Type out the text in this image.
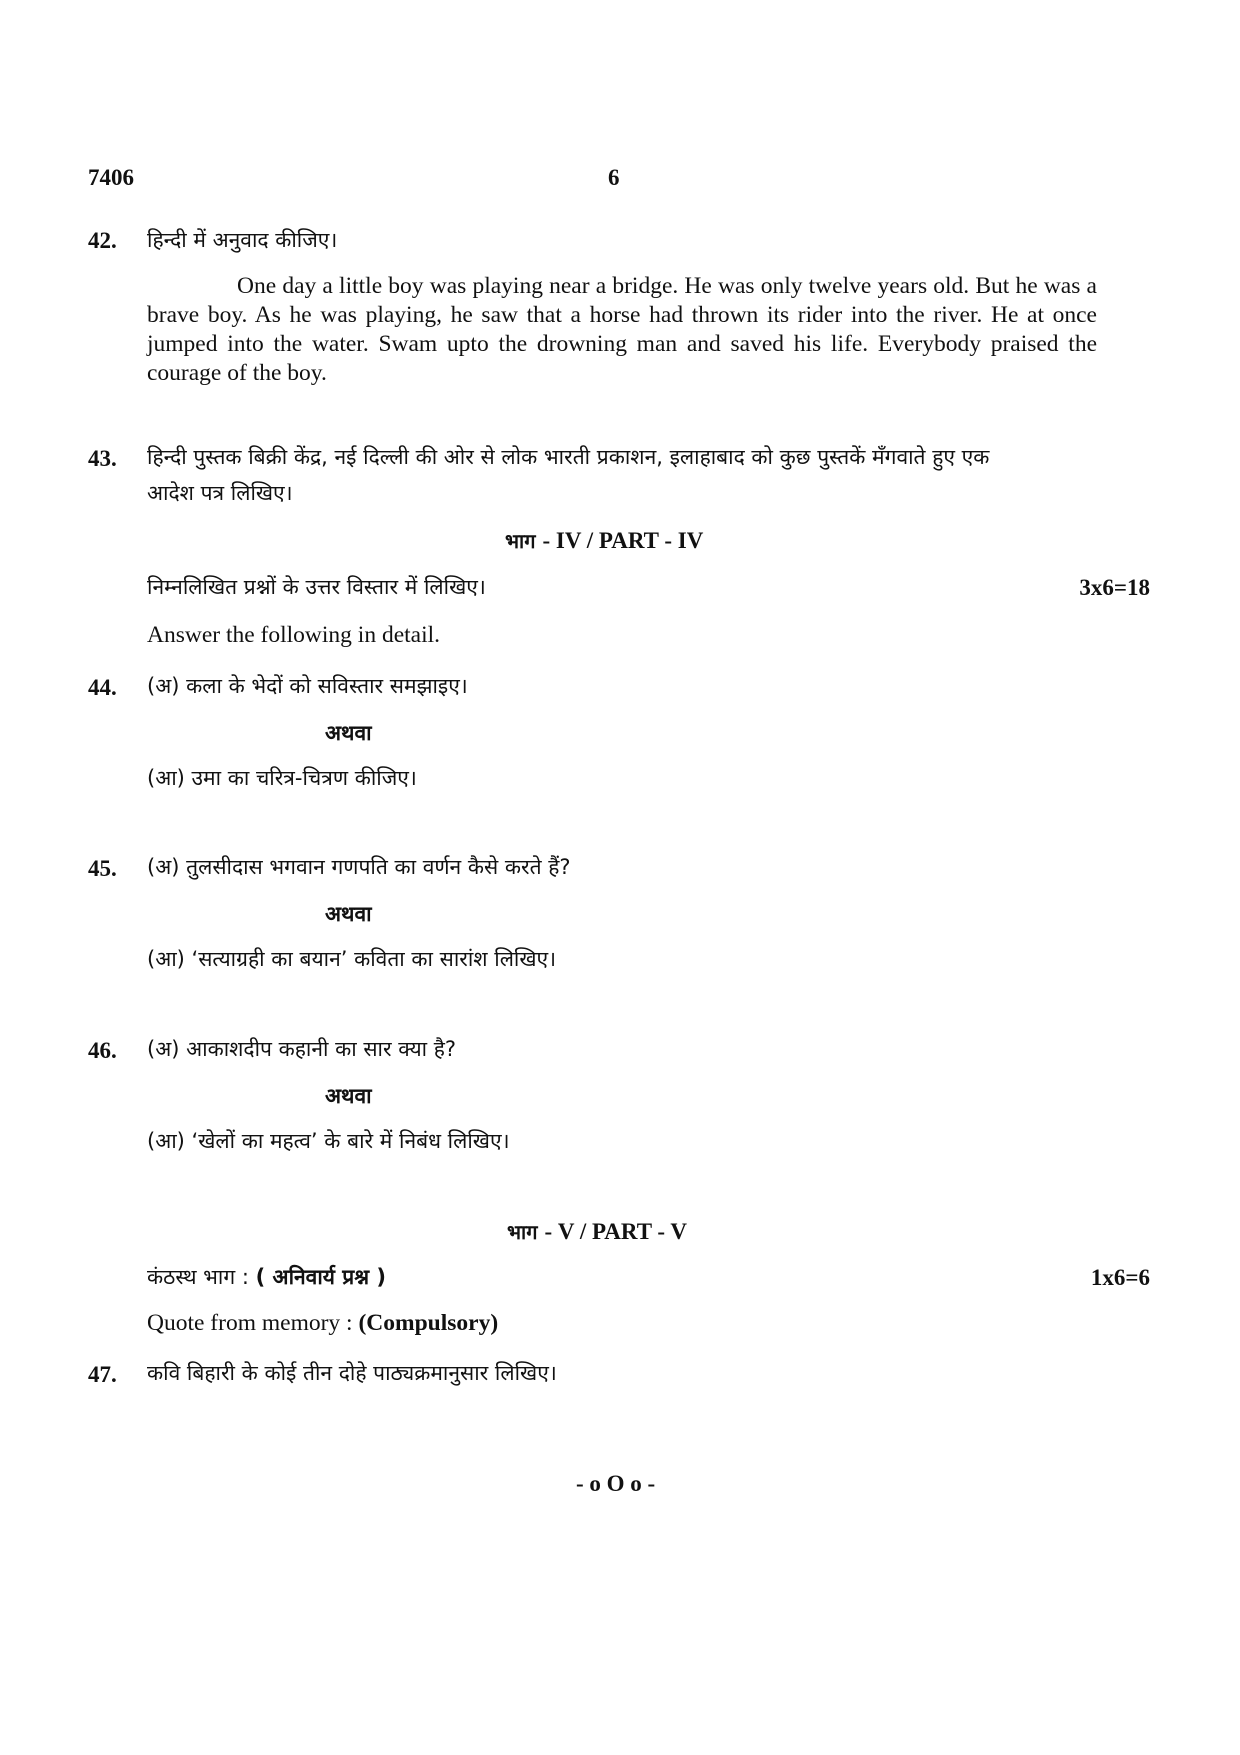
7406	6
42. हिन्दी में अनुवाद कीजिए।
One day a little boy was playing near a bridge. He was only twelve years old. But he was a brave boy. As he was playing, he saw that a horse had thrown its rider into the river. He at once jumped into the water. Swam upto the drowning man and saved his life. Everybody praised the courage of the boy.
43. हिन्दी पुस्तक बिक्री केंद्र, नई दिल्ली की ओर से लोक भारती प्रकाशन, इलाहाबाद को कुछ पुस्तकें मँगवाते हुए एक
आदेश पत्र लिखिए।
भाग - IV / PART - IV
निम्नलिखित प्रश्नों के उत्तर विस्तार में लिखिए।	3x6=18
Answer the following in detail.
44. (अ) कला के भेदों को सविस्तार समझाइए।
अथवा
(आ) उमा का चरित्र-चित्रण कीजिए।
45. (अ) तुलसीदास भगवान गणपति का वर्णन कैसे करते हैं?
अथवा
(आ) ‘सत्याग्रही का बयान’ कविता का सारांश लिखिए।
46. (अ) आकाशदीप कहानी का सार क्या है?
अथवा
(आ) ‘खेलों का महत्व’ के बारे में निबंध लिखिए।
भाग - V / PART - V
कंठस्थ भाग : ( अनिवार्य प्रश्न )	1x6=6
Quote from memory : (Compulsory)
47. कवि बिहारी के कोई तीन दोहे पाठ्यक्रमानुसार लिखिए।
- o O o -
